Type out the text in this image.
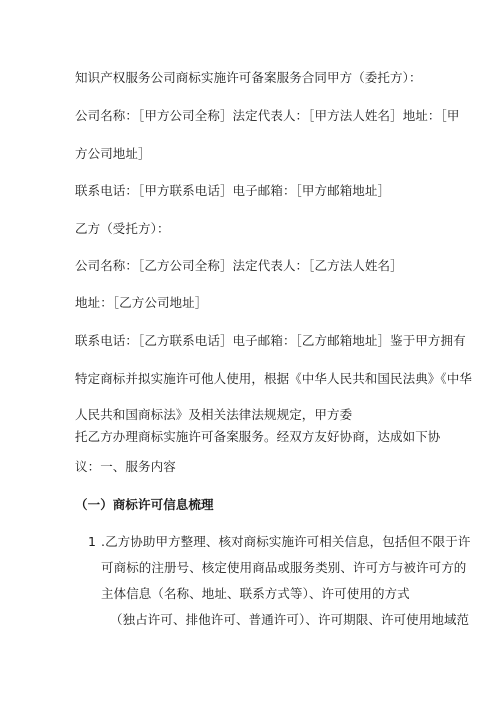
知识产权服务公司商标实施许可备案服务合同甲方（委托方）：
公司名称：［甲方公司全称］法定代表人：［甲方法人姓名］地址：［甲
方公司地址］
联系电话：［甲方联系电话］电子邮箱：［甲方邮箱地址］
乙方（受托方）：
公司名称：［乙方公司全称］法定代表人：［乙方法人姓名］
地址：［乙方公司地址］
联系电话：［乙方联系电话］电子邮箱：［乙方邮箱地址］鉴于甲方拥有
特定商标并拟实施许可他人使用，根据《中华人民共和国民法典》《中华
人民共和国商标法》及相关法律法规规定，甲方委
托乙方办理商标实施许可备案服务。经双方友好协商，达成如下协
议：一、服务内容
（一）商标许可信息梳理
1 .乙方协助甲方整理、核对商标实施许可相关信息，包括但不限于许
可商标的注册号、核定使用商品或服务类别、许可方与被许可方的
主体信息（名称、地址、联系方式等）、许可使用的方式
（独占许可、排他许可、普通许可）、许可期限、许可使用地域范
